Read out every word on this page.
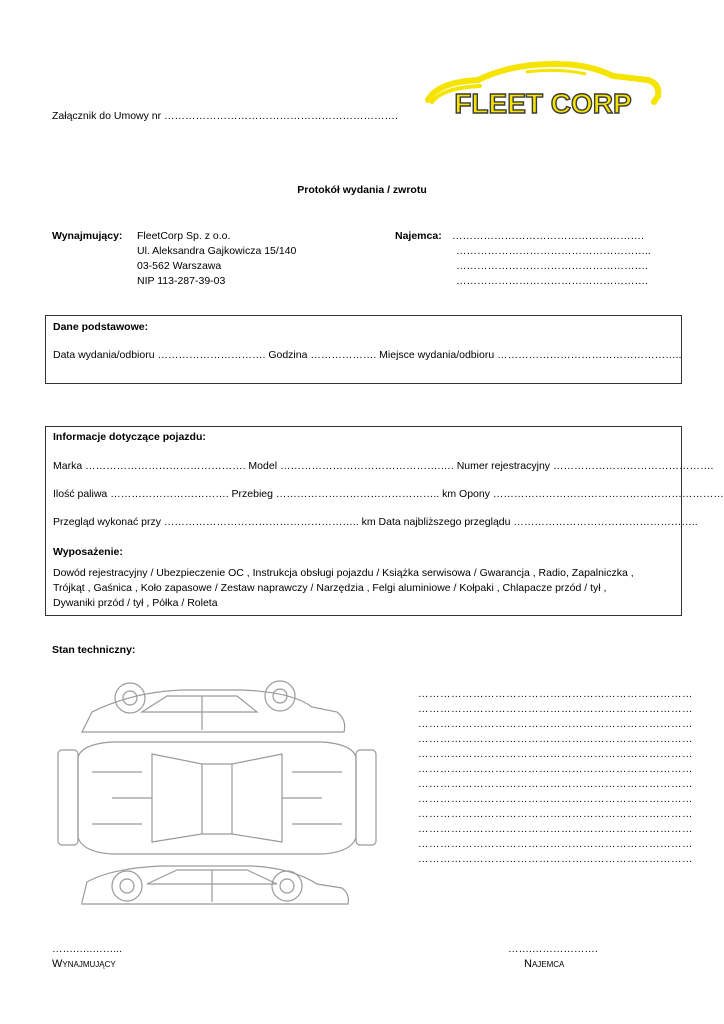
Załącznik do Umowy nr …………………………………………………………. FLEET CORP
Protokół wydania / zwrotu
Wynajmujący: FleetCorp Sp. z o.o.
Ul. Aleksandra Gajkowicza 15/140
03-562 Warszawa
NIP 113-287-39-03
Najemca: ……………………………………………….
………………………………………………..
……………………………………………….
……………………………………………….
Dane podstawowe:
Data wydania/odbioru …………………………. Godzina ………………. Miejsce wydania/odbioru ……………………………………………..
Informacje dotyczące pojazdu:
Marka ………………………………………. Model ……………………………………….…. Numer rejestracyjny ……………………………………….
Ilość paliwa ……………………………. Przebieg ……………………………………….. km Opony …………………………………………………………
Przegląd wykonać przy ……………………………………………….. km Data najbliższego przeglądu ……………………………………………..
Wyposażenie:
Dowód rejestracyjny / Ubezpieczenie OC , Instrukcja obsługi pojazdu / Książka serwisowa / Gwarancja , Radio, Zapalniczka ,
Trójkąt , Gaśnica , Koło zapasowe / Zestaw naprawczy / Narzędzia , Felgi aluminiowe / Kołpaki , Chlapacze przód / tył ,
Dywaniki przód / tył , Półka / Roleta
Stan techniczny:
…………………………………………………………………
…………………………………………………………………
…………………………………………………………………
…………………………………………………………………
…………………………………………………………………
…………………………………………………………………
…………………………………………………………………
…………………………………………………………………
…………………………………………………………………
…………………………………………………………………
…………………………………………………………………
…………………………………………………………………
…….…..……...
Wynajmujący
…….……………….
Najemca
